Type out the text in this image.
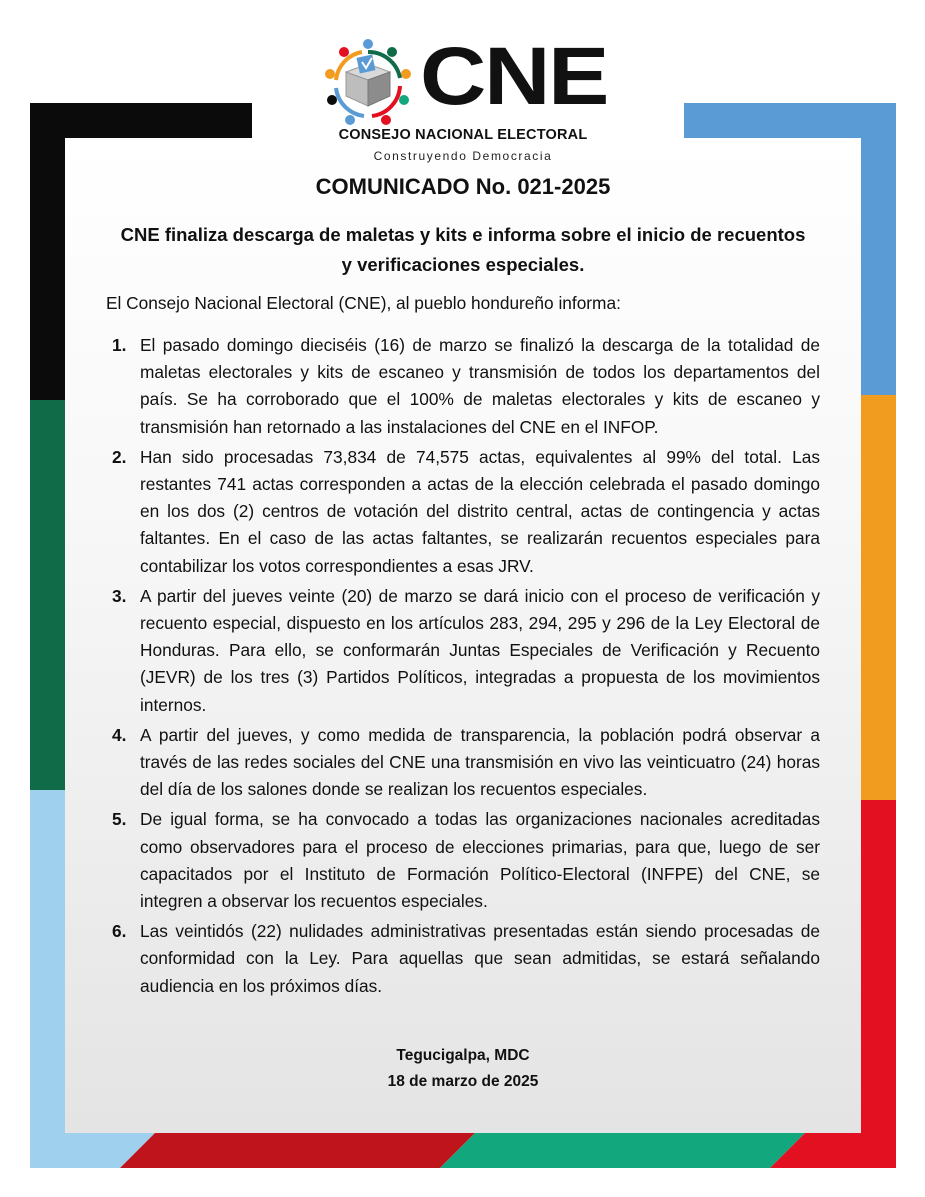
CNE
CONSEJO NACIONAL ELECTORAL
Construyendo Democracia
COMUNICADO No. 021-2025
CNE finaliza descarga de maletas y kits e informa sobre el inicio de recuentos y verificaciones especiales.
El Consejo Nacional Electoral (CNE), al pueblo hondureño informa:
1. El pasado domingo dieciséis (16) de marzo se finalizó la descarga de la totalidad de maletas electorales y kits de escaneo y transmisión de todos los departamentos del país. Se ha corroborado que el 100% de maletas electorales y kits de escaneo y transmisión han retornado a las instalaciones del CNE en el INFOP.
2. Han sido procesadas 73,834 de 74,575 actas, equivalentes al 99% del total. Las restantes 741 actas corresponden a actas de la elección celebrada el pasado domingo en los dos (2) centros de votación del distrito central, actas de contingencia y actas faltantes. En el caso de las actas faltantes, se realizarán recuentos especiales para contabilizar los votos correspondientes a esas JRV.
3. A partir del jueves veinte (20) de marzo se dará inicio con el proceso de verificación y recuento especial, dispuesto en los artículos 283, 294, 295 y 296 de la Ley Electoral de Honduras. Para ello, se conformarán Juntas Especiales de Verificación y Recuento (JEVR) de los tres (3) Partidos Políticos, integradas a propuesta de los movimientos internos.
4. A partir del jueves, y como medida de transparencia, la población podrá observar a través de las redes sociales del CNE una transmisión en vivo las veinticuatro (24) horas del día de los salones donde se realizan los recuentos especiales.
5. De igual forma, se ha convocado a todas las organizaciones nacionales acreditadas como observadores para el proceso de elecciones primarias, para que, luego de ser capacitados por el Instituto de Formación Político-Electoral (INFPE) del CNE, se integren a observar los recuentos especiales.
6. Las veintidós (22) nulidades administrativas presentadas están siendo procesadas de conformidad con la Ley. Para aquellas que sean admitidas, se estará señalando audiencia en los próximos días.
Tegucigalpa, MDC
18 de marzo de 2025
